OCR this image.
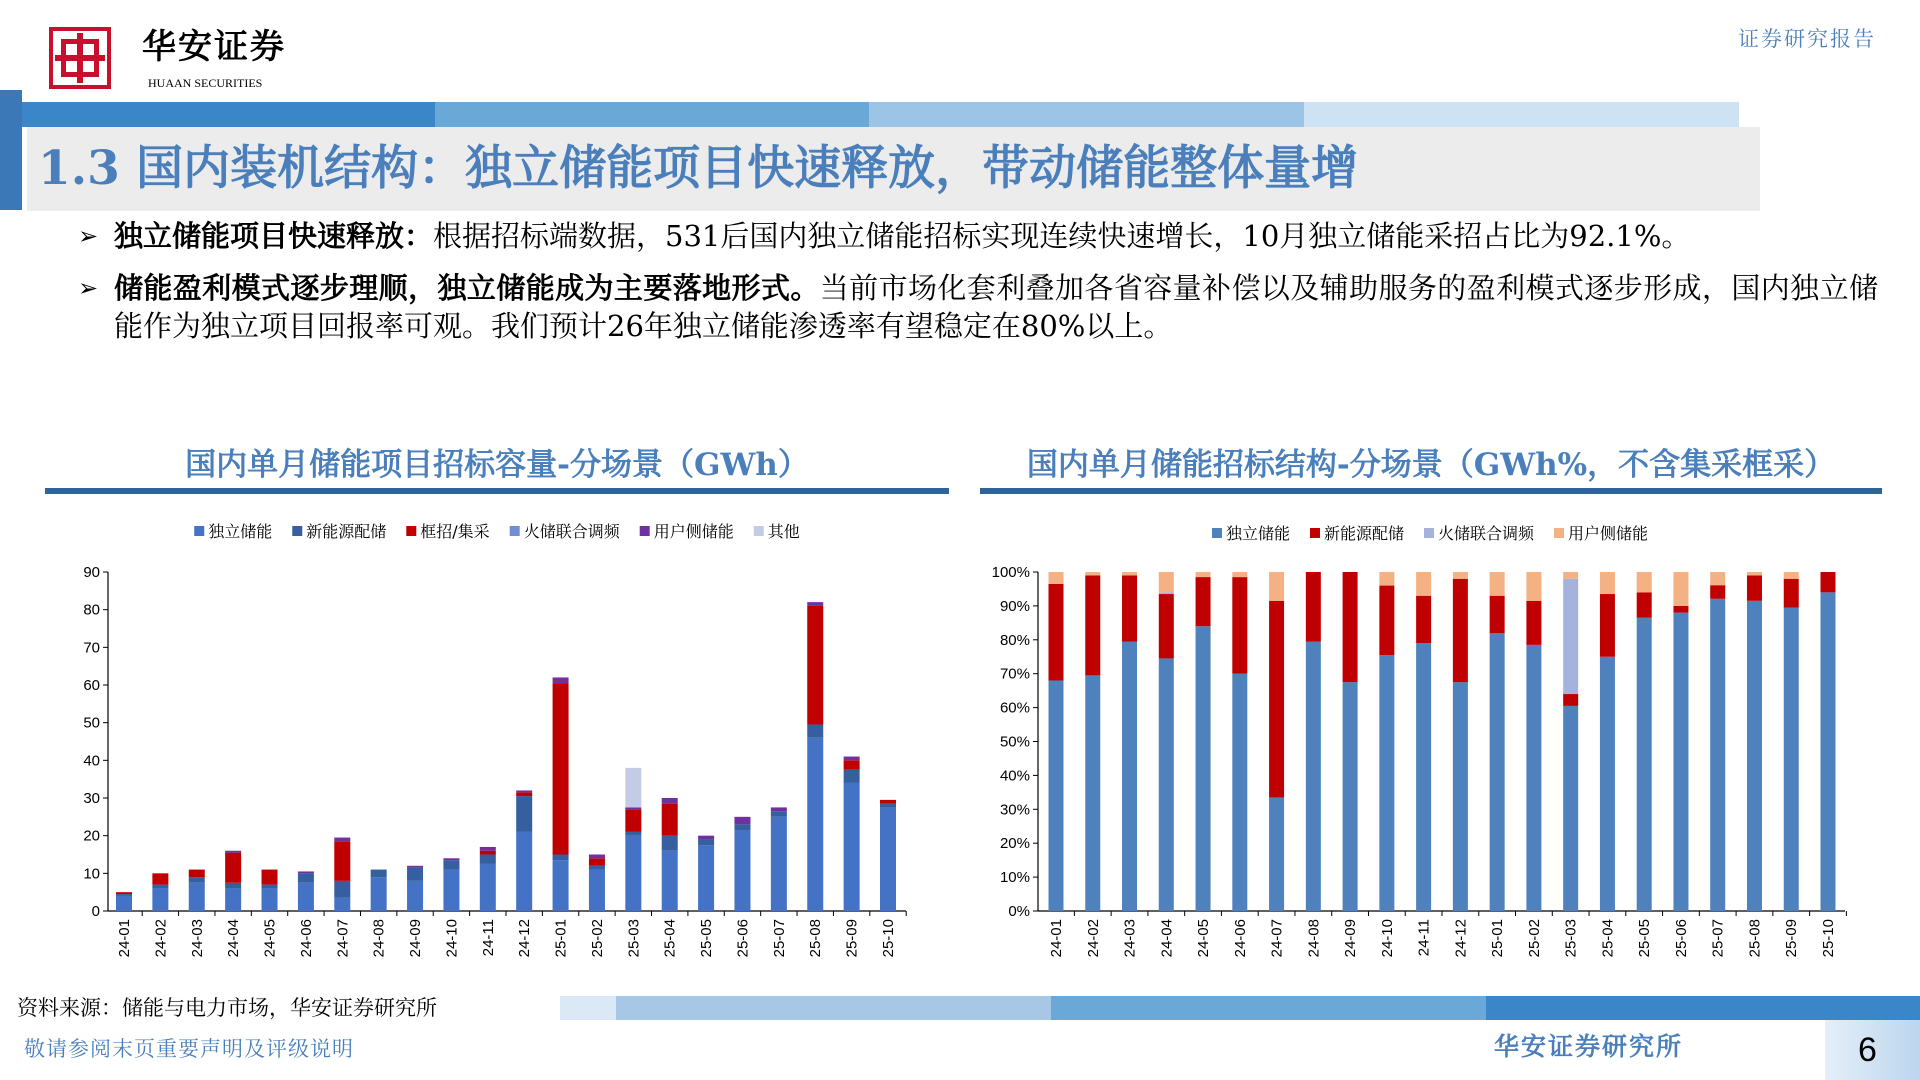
华安证券
HUAAN SECURITIES
证券研究报告
1.3 国内装机结构：独立储能项目快速释放，带动储能整体量增
➢ 独立储能项目快速释放：根据招标端数据，531后国内独立储能招标实现连续快速增长，10月独立储能采招占比为92.1%。
➢ 储能盈利模式逐步理顺，独立储能成为主要落地形式。当前市场化套利叠加各省容量补偿以及辅助服务的盈利模式逐步形成，国内独立储能作为独立项目回报率可观。我们预计26年独立储能渗透率有望稳定在80%以上。
国内单月储能项目招标容量-分场景（GWh）	国内单月储能招标结构-分场景（GWh%，不含集采框采）
独立储能 新能源配储 框招/集采 火储联合调频 用户侧储能 其他
0
10
20
30
40
50
60
70
80
90
24-01 24-02 24-03 24-04 24-05 24-06 24-07 24-08 24-09 24-10 24-11 24-12 25-01 25-02 25-03 25-04 25-05 25-06 25-07 25-08 25-09 25-10
独立储能 新能源配储 火储联合调频 用户侧储能
0%
10%
20%
30%
40%
50%
60%
70%
80%
90%
100%
24-01 24-02 24-03 24-04 24-05 24-06 24-07 24-08 24-09 24-10 24-11 24-12 25-01 25-02 25-03 25-04 25-05 25-06 25-07 25-08 25-09 25-10
资料来源：储能与电力市场，华安证券研究所
敬请参阅末页重要声明及评级说明	华安证券研究所	6
